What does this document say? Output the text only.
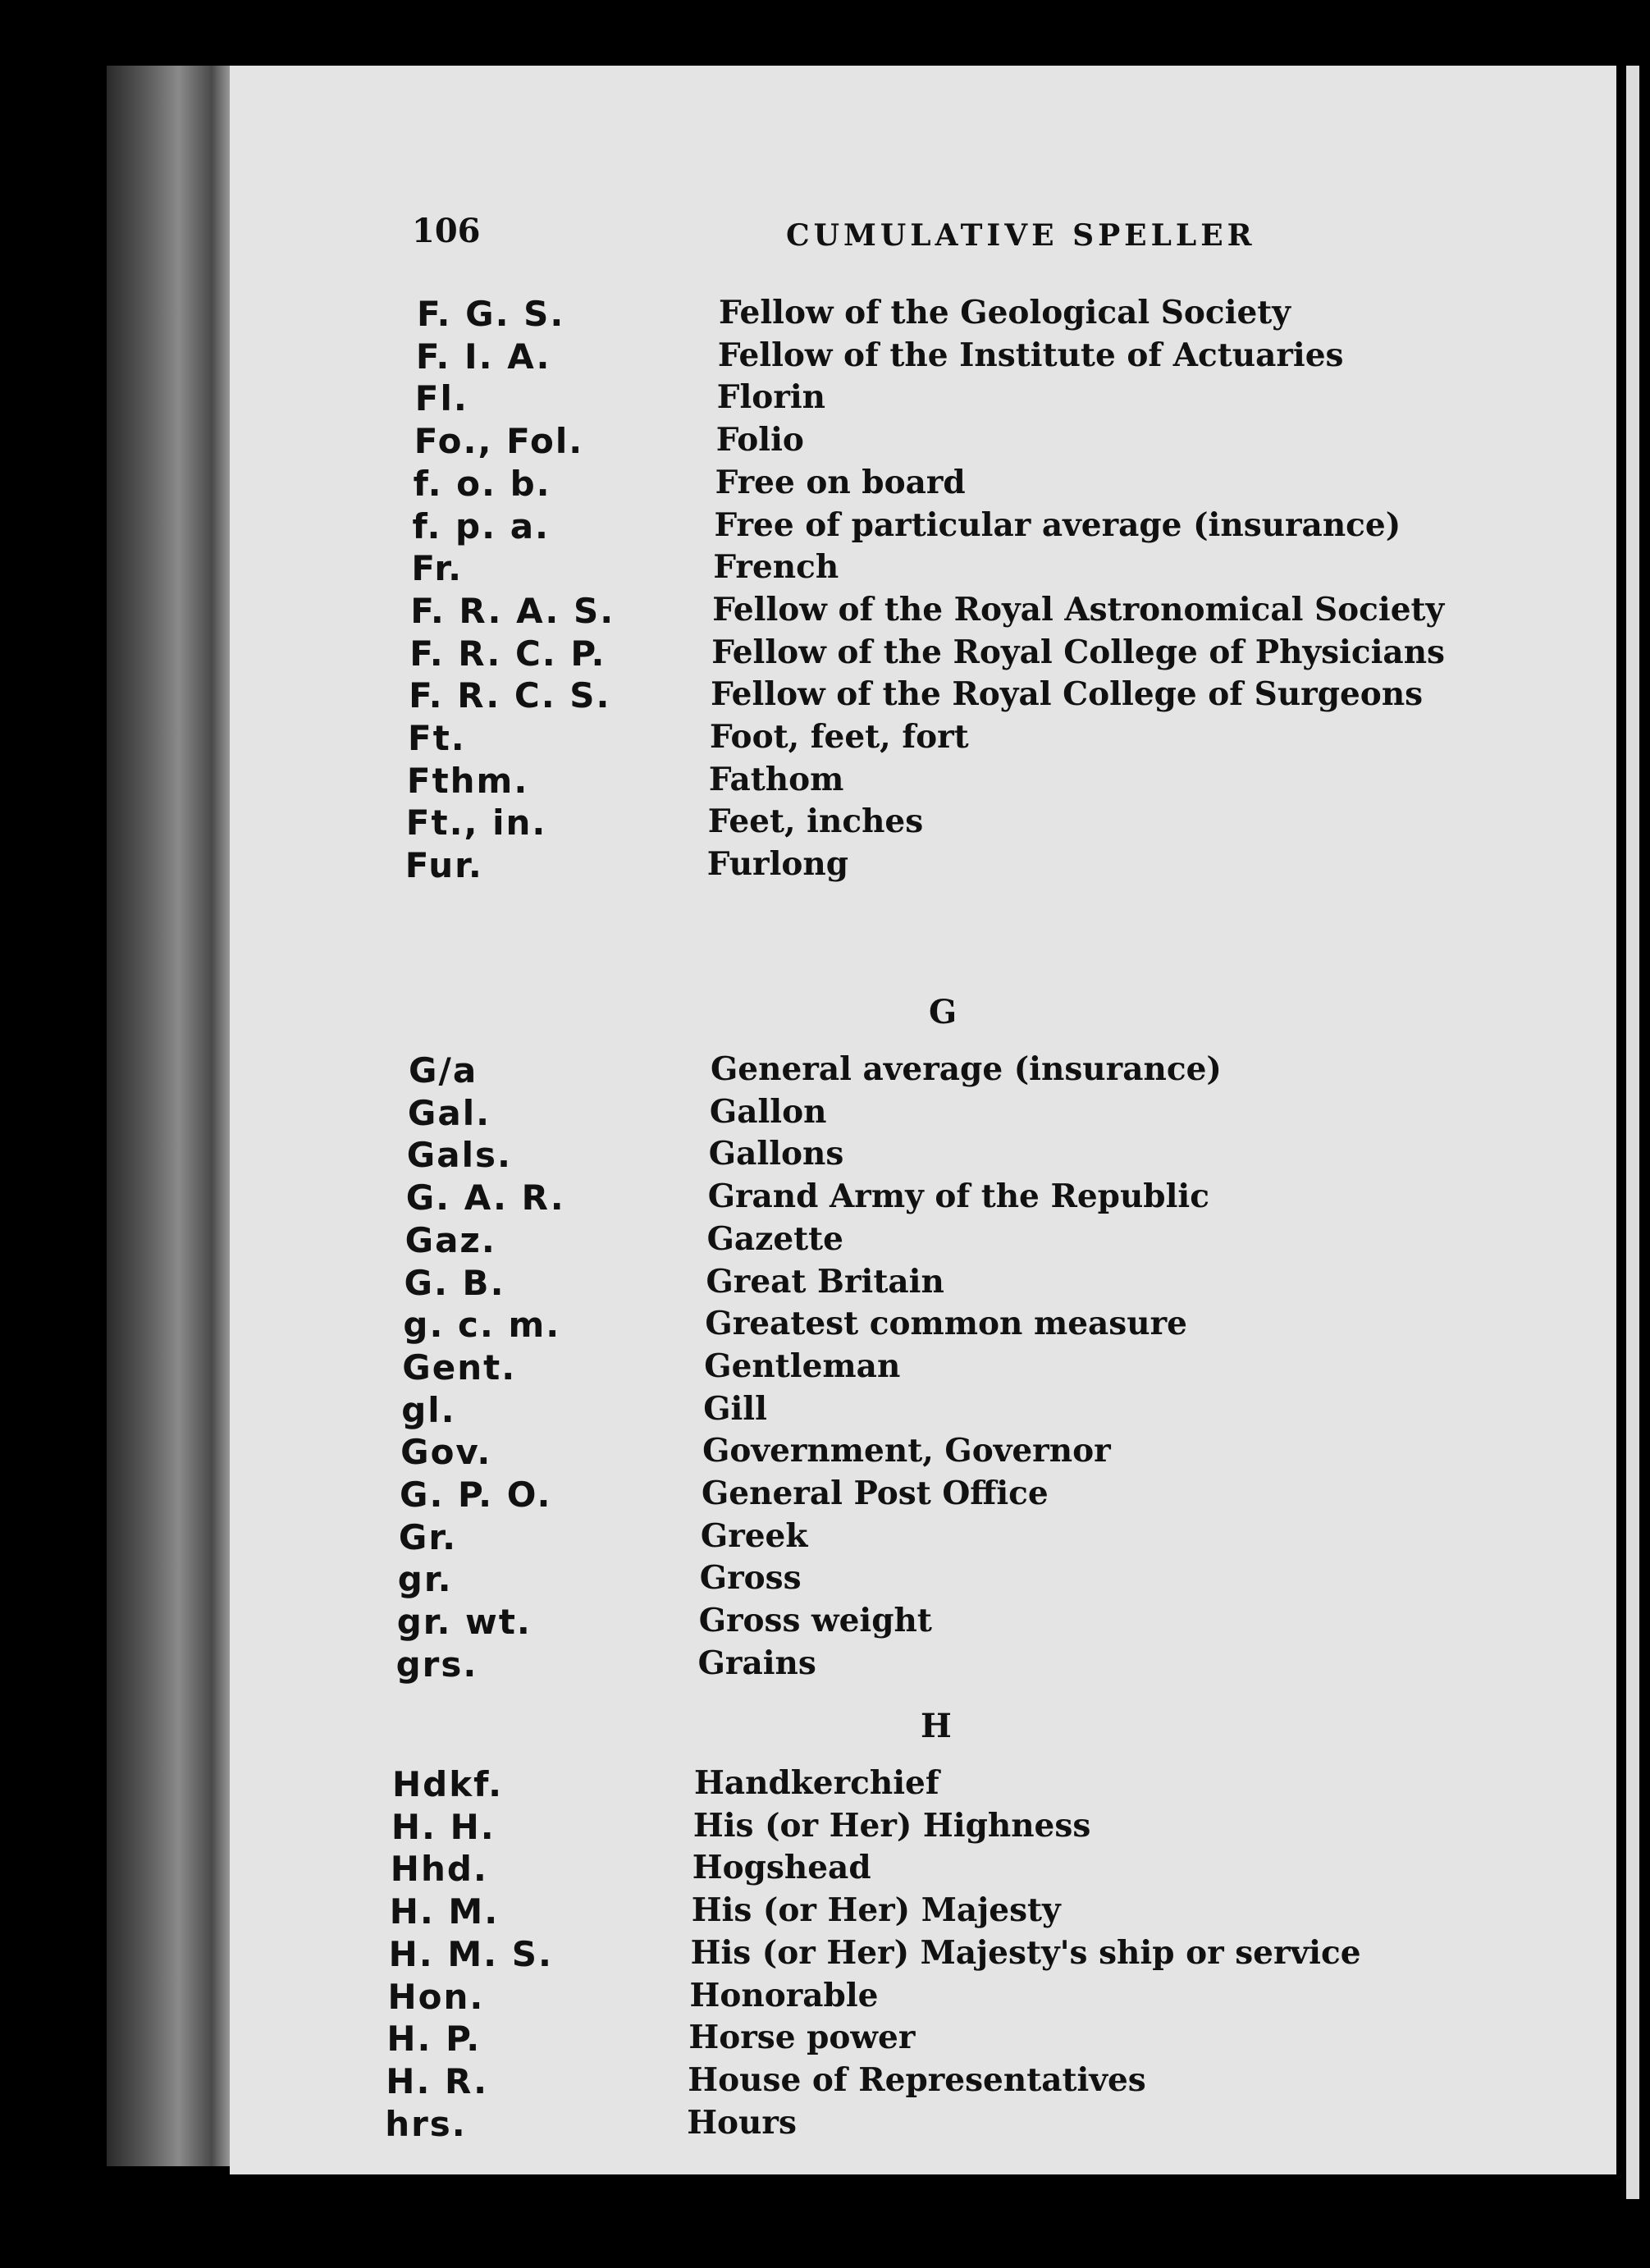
106	CUMULATIVE SPELLER

F. G. S.	Fellow of the Geological Society
F. I. A.	Fellow of the Institute of Actuaries
Fl.	Florin
Fo., Fol.	Folio
f. o. b.	Free on board
f. p. a.	Free of particular average (insurance)
Fr.	French
F. R. A. S.	Fellow of the Royal Astronomical Society
F. R. C. P.	Fellow of the Royal College of Physicians
F. R. C. S.	Fellow of the Royal College of Surgeons
Ft.	Foot, feet, fort
Fthm.	Fathom
Ft., in.	Feet, inches
Fur.	Furlong

G

G/a	General average (insurance)
Gal.	Gallon
Gals.	Gallons
G. A. R.	Grand Army of the Republic
Gaz.	Gazette
G. B.	Great Britain
g. c. m.	Greatest common measure
Gent.	Gentleman
gl.	Gill
Gov.	Government, Governor
G. P. O.	General Post Office
Gr.	Greek
gr.	Gross
gr. wt.	Gross weight
grs.	Grains

H

Hdkf.	Handkerchief
H. H.	His (or Her) Highness
Hhd.	Hogshead
H. M.	His (or Her) Majesty
H. M. S.	His (or Her) Majesty's ship or service
Hon.	Honorable
H. P.	Horse power
H. R.	House of Representatives
hrs.	Hours
